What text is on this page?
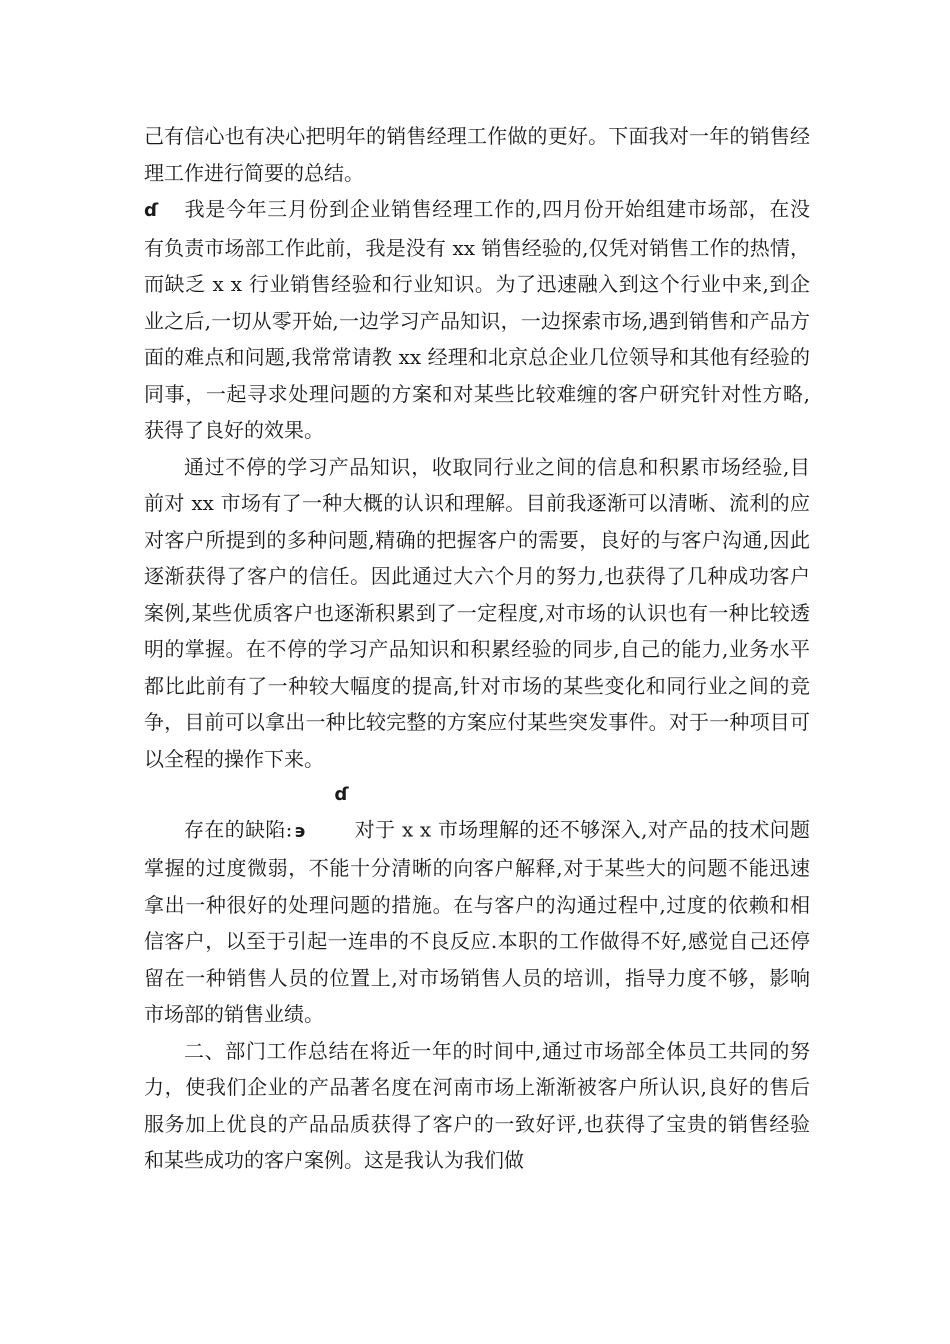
己有信心也有决心把明年的销售经理工作做的更好。下面我对一年的销售经理工作进行简要的总结。

ɗ 我是今年三月份到企业销售经理工作的,四月份开始组建市场部，在没有负责市场部工作此前，我是没有 xx 销售经验的,仅凭对销售工作的热情，而缺乏 x x 行业销售经验和行业知识。为了迅速融入到这个行业中来,到企业之后,一切从零开始,一边学习产品知识，一边探索市场,遇到销售和产品方面的难点和问题,我常常请教 xx 经理和北京总企业几位领导和其他有经验的同事，一起寻求处理问题的方案和对某些比较难缠的客户研究针对性方略,获得了良好的效果。

通过不停的学习产品知识，收取同行业之间的信息和积累市场经验,目前对 xx 市场有了一种大概的认识和理解。目前我逐渐可以清晰、流利的应对客户所提到的多种问题,精确的把握客户的需要，良好的与客户沟通,因此逐渐获得了客户的信任。因此通过大六个月的努力,也获得了几种成功客户案例,某些优质客户也逐渐积累到了一定程度,对市场的认识也有一种比较透明的掌握。在不停的学习产品知识和积累经验的同步,自己的能力,业务水平都比此前有了一种较大幅度的提高,针对市场的某些变化和同行业之间的竞争，目前可以拿出一种比较完整的方案应付某些突发事件。对于一种项目可以全程的操作下来。

存在的缺陷:ɗ϶ 对于 x x 市场理解的还不够深入,对产品的技术问题掌握的过度微弱，不能十分清晰的向客户解释,对于某些大的问题不能迅速拿出一种很好的处理问题的措施。在与客户的沟通过程中,过度的依赖和相信客户，以至于引起一连串的不良反应.本职的工作做得不好,感觉自己还停留在一种销售人员的位置上,对市场销售人员的培训，指导力度不够，影响市场部的销售业绩。

二、部门工作总结在将近一年的时间中,通过市场部全体员工共同的努力，使我们企业的产品著名度在河南市场上渐渐被客户所认识,良好的售后服务加上优良的产品品质获得了客户的一致好评,也获得了宝贵的销售经验和某些成功的客户案例。这是我认为我们做
